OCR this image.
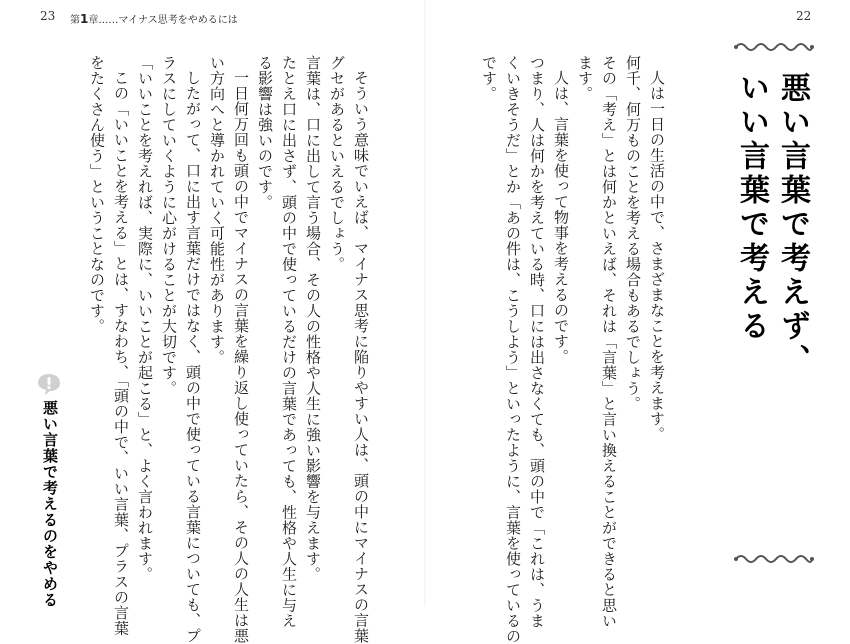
23	22
第1章……マイナス思考をやめるには
悪い言葉で考えず、
いい言葉で考える
人は一日の生活の中で、さまざまなことを考えます。
何千、何万ものことを考える場合もあるでしょう。
その「考え」とは何かといえば、それは「言葉」と言い換えることができると思い
ます。
人は、言葉を使って物事を考えるのです。
つまり、人は何かを考えている時、口には出さなくても、頭の中で「これは、うま
くいきそうだ」とか「あの件は、こうしよう」といったように、言葉を使っているの
です。
そういう意味でいえば、マイナス思考に陥りやすい人は、頭の中にマイナスの言葉
グセがあるといえるでしょう。
言葉は、口に出して言う場合、その人の性格や人生に強い影響を与えます。
たとえ口に出さず、頭の中で使っているだけの言葉であっても、性格や人生に与え
る影響は強いのです。
一日何万回も頭の中でマイナスの言葉を繰り返し使っていたら、その人の人生は悪
い方向へと導かれていく可能性があります。
したがって、口に出す言葉だけではなく、頭の中で使っている言葉についても、プ
ラスにしていくように心がけることが大切です。
「いいことを考えれば、実際に、いいことが起こる」と、よく言われます。
この「いいことを考える」とは、すなわち、「頭の中で、いい言葉、プラスの言葉
をたくさん使う」ということなのです。
悪い言葉で考えるのをやめる
